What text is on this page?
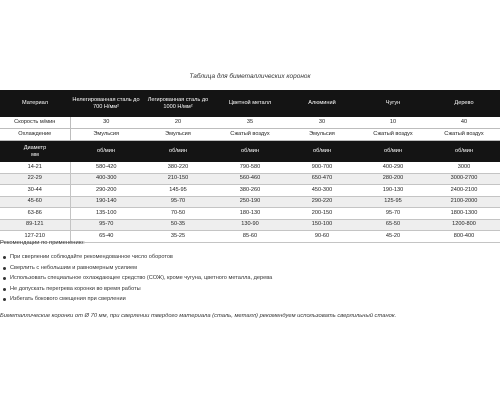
Таблица для биметаллических коронок
Материал	Нелегированная сталь до 700 Н/мм²	Легированная сталь до 1000 Н/мм²	Цветной металл	Алюминий	Чугун	Дерево
Скорость м/мин	30	20	35	30	10	40
Охлаждение	Эмульсия	Эмульсия	Сжатый воздух	Эмульсия	Сжатый воздух	Сжатый воздух

Диаметр
мм	об/мин	об/мин	об/мин	об/мин	об/мин	об/мин
14-21	580-420	380-220	790-580	900-700	400-290	3000
22-29	400-300	210-150	560-460	650-470	280-200	3000-2700
30-44	290-200	145-95	380-260	450-300	190-130	2400-2100
45-60	190-140	95-70	250-190	290-220	125-95	2100-2000
63-86	135-100	70-50	180-130	200-150	95-70	1800-1300
89-121	95-70	50-35	130-90	150-100	65-50	1200-800
127-210	65-40	35-25	85-60	90-60	45-20	800-400
Рекомендации по применению:
При сверлении соблюдайте рекомендованное число оборотов
Сверлить с небольшим и равномерным усилием
Использовать специальное охлаждающее средство (СОЖ), кроме чугуна, цветного металла, дерева
Не допускать перегрева коронки во время работы
Избегать бокового смещения при сверлении
Биметаллические коронки от Ø 70 мм, при сверлении твердого материала (сталь, металл) рекомендуем использовать сверлильный станок.
